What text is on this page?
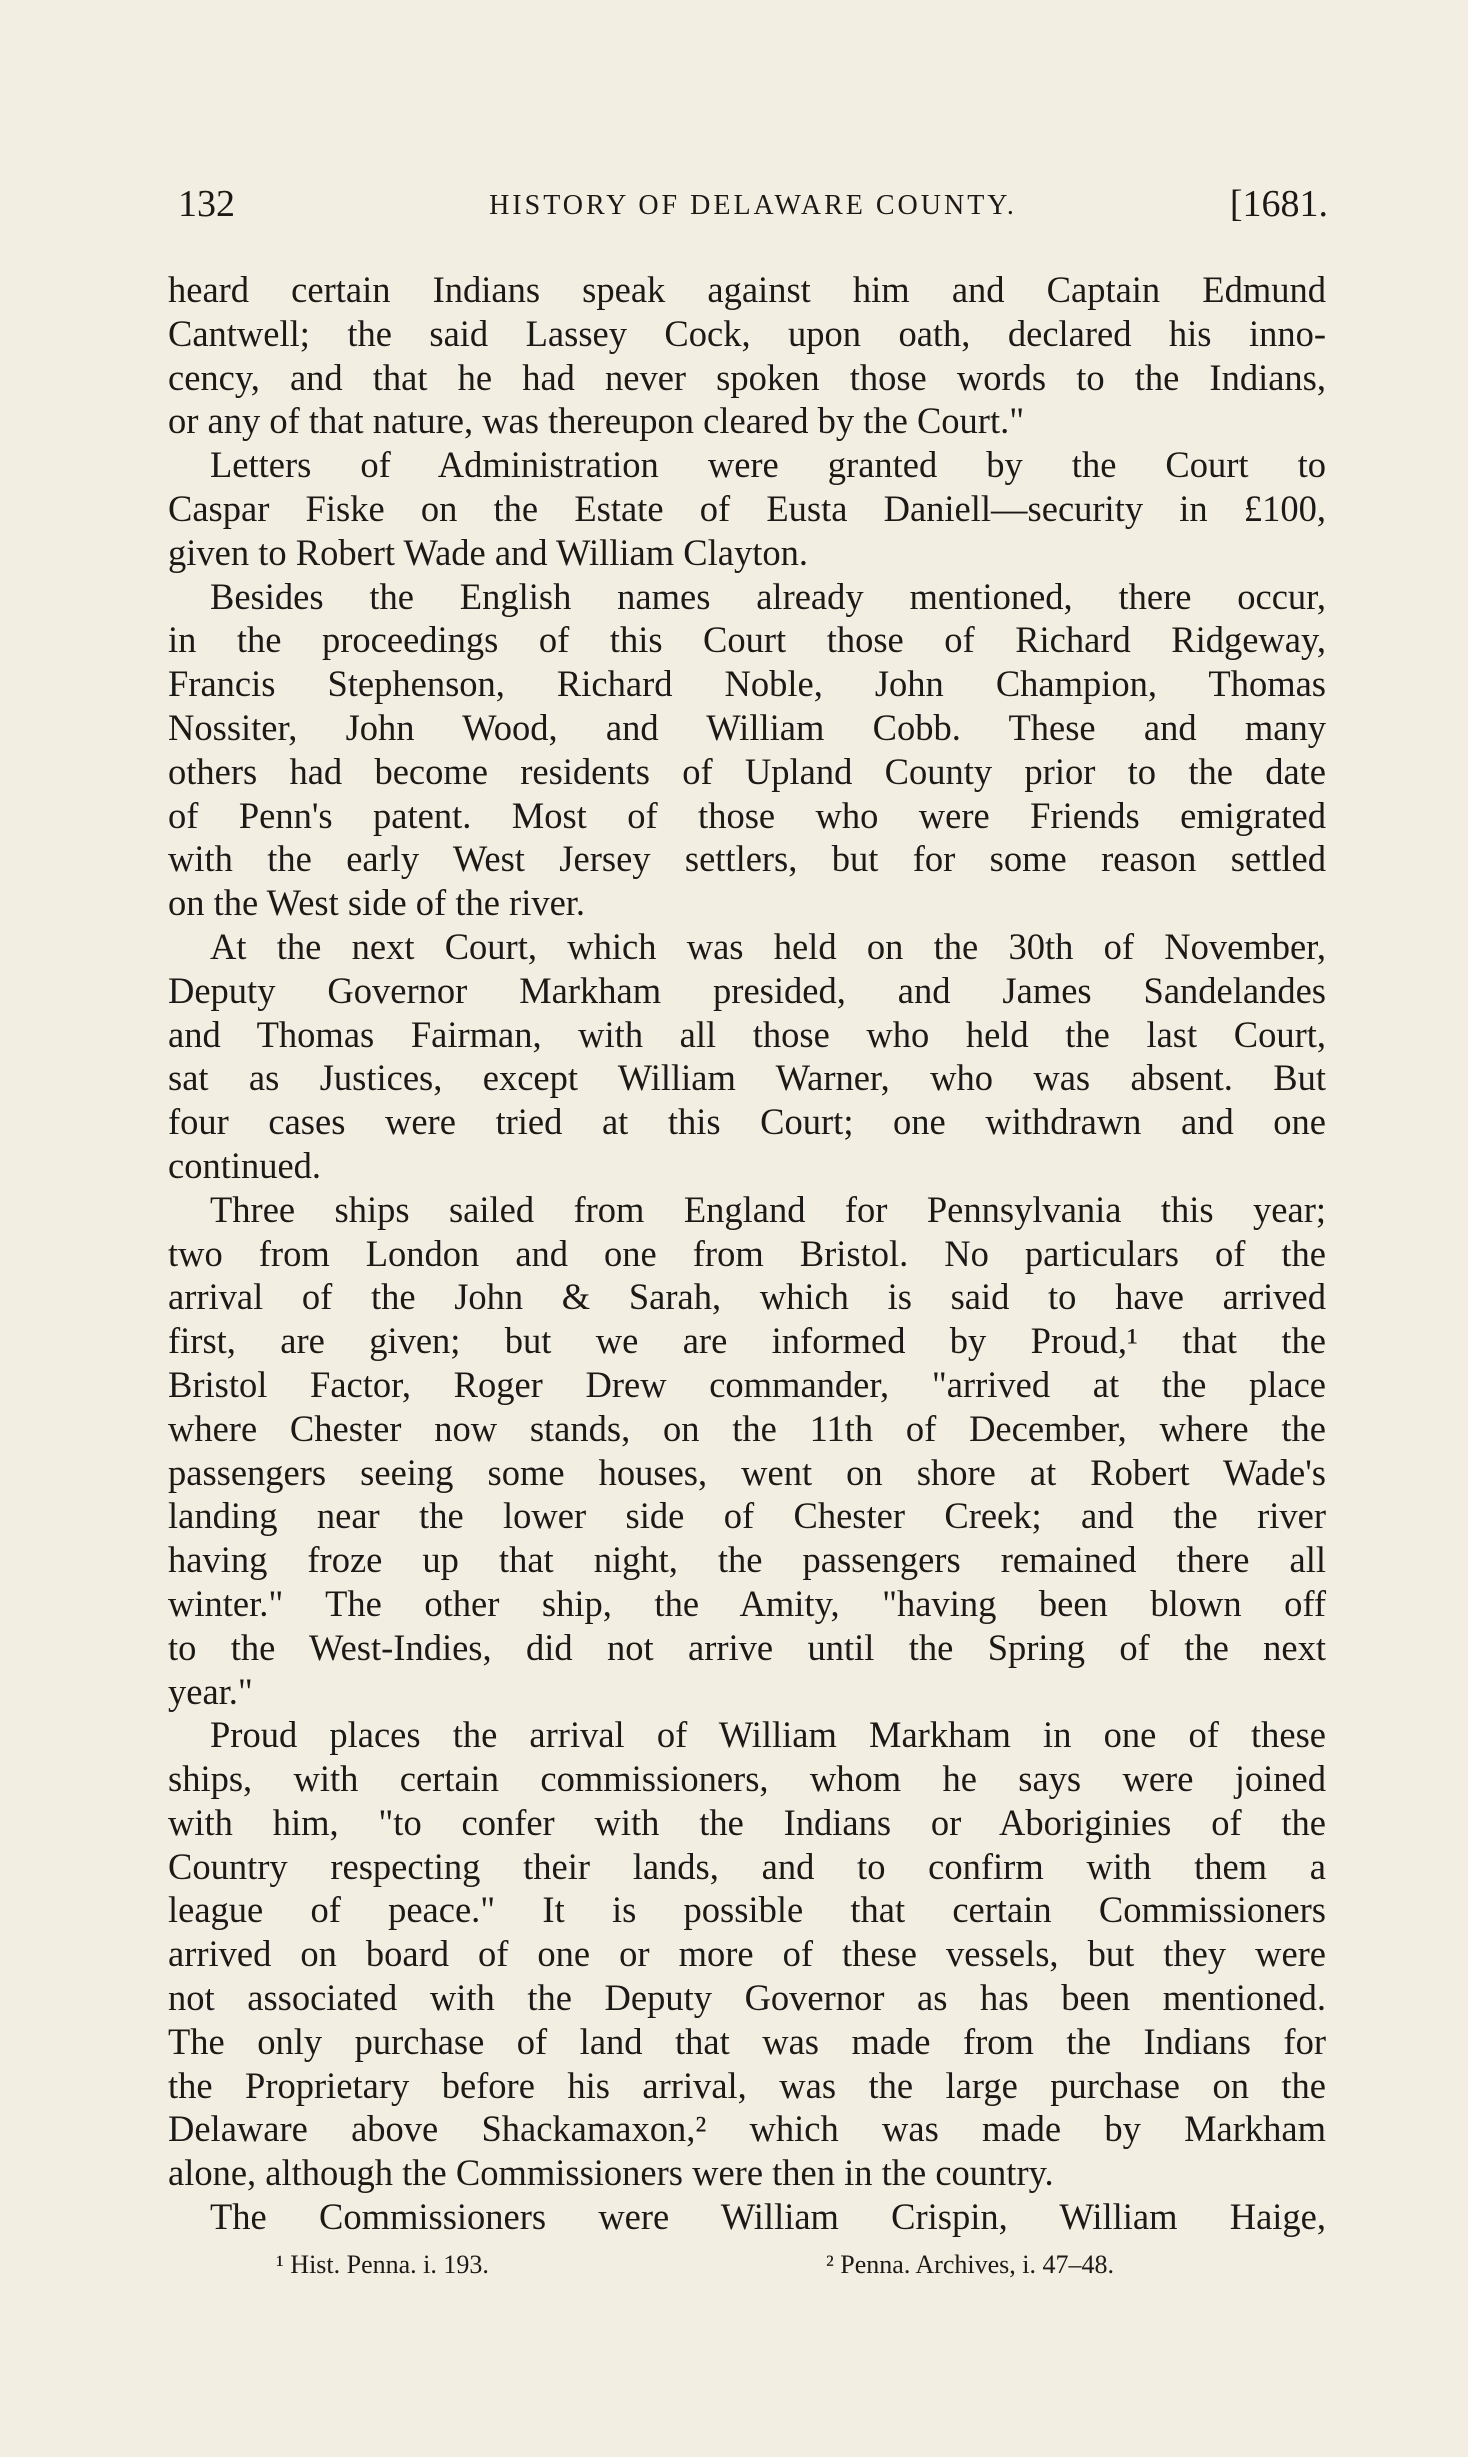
132	HISTORY OF DELAWARE COUNTY.	[1681.
heard certain Indians speak against him and Captain Edmund
Cantwell; the said Lassey Cock, upon oath, declared his inno-
cency, and that he had never spoken those words to the Indians,
or any of that nature, was thereupon cleared by the Court."
Letters of Administration were granted by the Court to
Caspar Fiske on the Estate of Eusta Daniell—security in £100,
given to Robert Wade and William Clayton.
Besides the English names already mentioned, there occur,
in the proceedings of this Court those of Richard Ridgeway,
Francis Stephenson, Richard Noble, John Champion, Thomas
Nossiter, John Wood, and William Cobb. These and many
others had become residents of Upland County prior to the date
of Penn's patent. Most of those who were Friends emigrated
with the early West Jersey settlers, but for some reason settled
on the West side of the river.
At the next Court, which was held on the 30th of November,
Deputy Governor Markham presided, and James Sandelandes
and Thomas Fairman, with all those who held the last Court,
sat as Justices, except William Warner, who was absent. But
four cases were tried at this Court; one withdrawn and one
continued.
Three ships sailed from England for Pennsylvania this year;
two from London and one from Bristol. No particulars of the
arrival of the John & Sarah, which is said to have arrived
first, are given; but we are informed by Proud,¹ that the
Bristol Factor, Roger Drew commander, "arrived at the place
where Chester now stands, on the 11th of December, where the
passengers seeing some houses, went on shore at Robert Wade's
landing near the lower side of Chester Creek; and the river
having froze up that night, the passengers remained there all
winter." The other ship, the Amity, "having been blown off
to the West-Indies, did not arrive until the Spring of the next
year."
Proud places the arrival of William Markham in one of these
ships, with certain commissioners, whom he says were joined
with him, "to confer with the Indians or Aboriginies of the
Country respecting their lands, and to confirm with them a
league of peace." It is possible that certain Commissioners
arrived on board of one or more of these vessels, but they were
not associated with the Deputy Governor as has been mentioned.
The only purchase of land that was made from the Indians for
the Proprietary before his arrival, was the large purchase on the
Delaware above Shackamaxon,² which was made by Markham
alone, although the Commissioners were then in the country.
The Commissioners were William Crispin, William Haige,
¹ Hist. Penna. i. 193.	² Penna. Archives, i. 47–48.
